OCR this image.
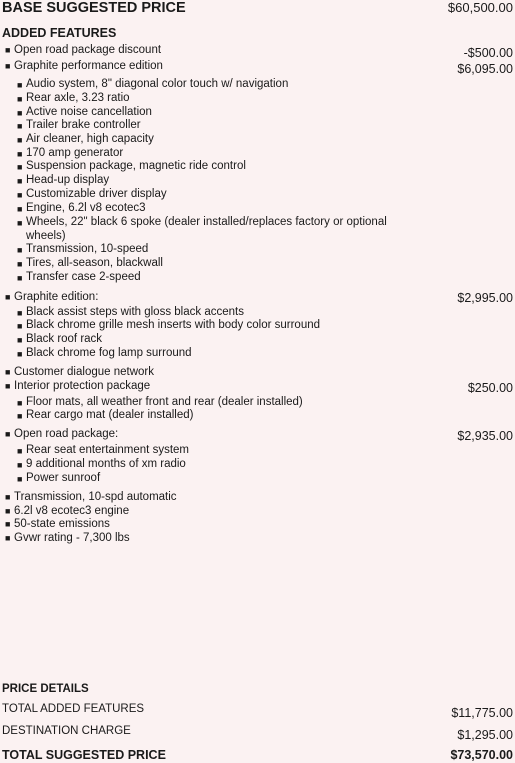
BASE SUGGESTED PRICE	$60,500.00
ADDED FEATURES
■ Open road package discount	-$500.00
■ Graphite performance edition	$6,095.00
■ Audio system, 8" diagonal color touch w/ navigation
■ Rear axle, 3.23 ratio
■ Active noise cancellation
■ Trailer brake controller
■ Air cleaner, high capacity
■ 170 amp generator
■ Suspension package, magnetic ride control
■ Head-up display
■ Customizable driver display
■ Engine, 6.2l v8 ecotec3
■ Wheels, 22" black 6 spoke (dealer installed/replaces factory or optional wheels)
■ Transmission, 10-speed
■ Tires, all-season, blackwall
■ Transfer case 2-speed
■ Graphite edition:	$2,995.00
■ Black assist steps with gloss black accents
■ Black chrome grille mesh inserts with body color surround
■ Black roof rack
■ Black chrome fog lamp surround
■ Customer dialogue network
■ Interior protection package	$250.00
■ Floor mats, all weather front and rear (dealer installed)
■ Rear cargo mat (dealer installed)
■ Open road package:	$2,935.00
■ Rear seat entertainment system
■ 9 additional months of xm radio
■ Power sunroof
■ Transmission, 10-spd automatic
■ 6.2l v8 ecotec3 engine
■ 50-state emissions
■ Gvwr rating - 7,300 lbs
PRICE DETAILS
TOTAL ADDED FEATURES	$11,775.00
DESTINATION CHARGE	$1,295.00
TOTAL SUGGESTED PRICE	$73,570.00
